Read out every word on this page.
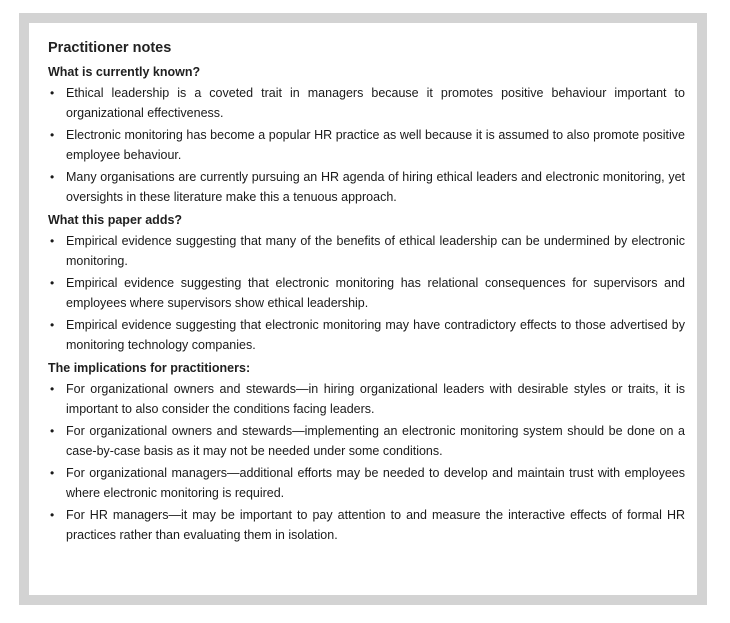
Practitioner notes
What is currently known?
• Ethical leadership is a coveted trait in managers because it promotes positive behaviour important to organizational effectiveness.
• Electronic monitoring has become a popular HR practice as well because it is assumed to also promote positive employee behaviour.
• Many organisations are currently pursuing an HR agenda of hiring ethical leaders and electronic monitoring, yet oversights in these literature make this a tenuous approach.
What this paper adds?
• Empirical evidence suggesting that many of the benefits of ethical leadership can be undermined by electronic monitoring.
• Empirical evidence suggesting that electronic monitoring has relational consequences for supervisors and employees where supervisors show ethical leadership.
• Empirical evidence suggesting that electronic monitoring may have contradictory effects to those advertised by monitoring technology companies.
The implications for practitioners:
• For organizational owners and stewards—in hiring organizational leaders with desirable styles or traits, it is important to also consider the conditions facing leaders.
• For organizational owners and stewards—implementing an electronic monitoring system should be done on a case-by-case basis as it may not be needed under some conditions.
• For organizational managers—additional efforts may be needed to develop and maintain trust with employees where electronic monitoring is required.
• For HR managers—it may be important to pay attention to and measure the interactive effects of formal HR practices rather than evaluating them in isolation.
